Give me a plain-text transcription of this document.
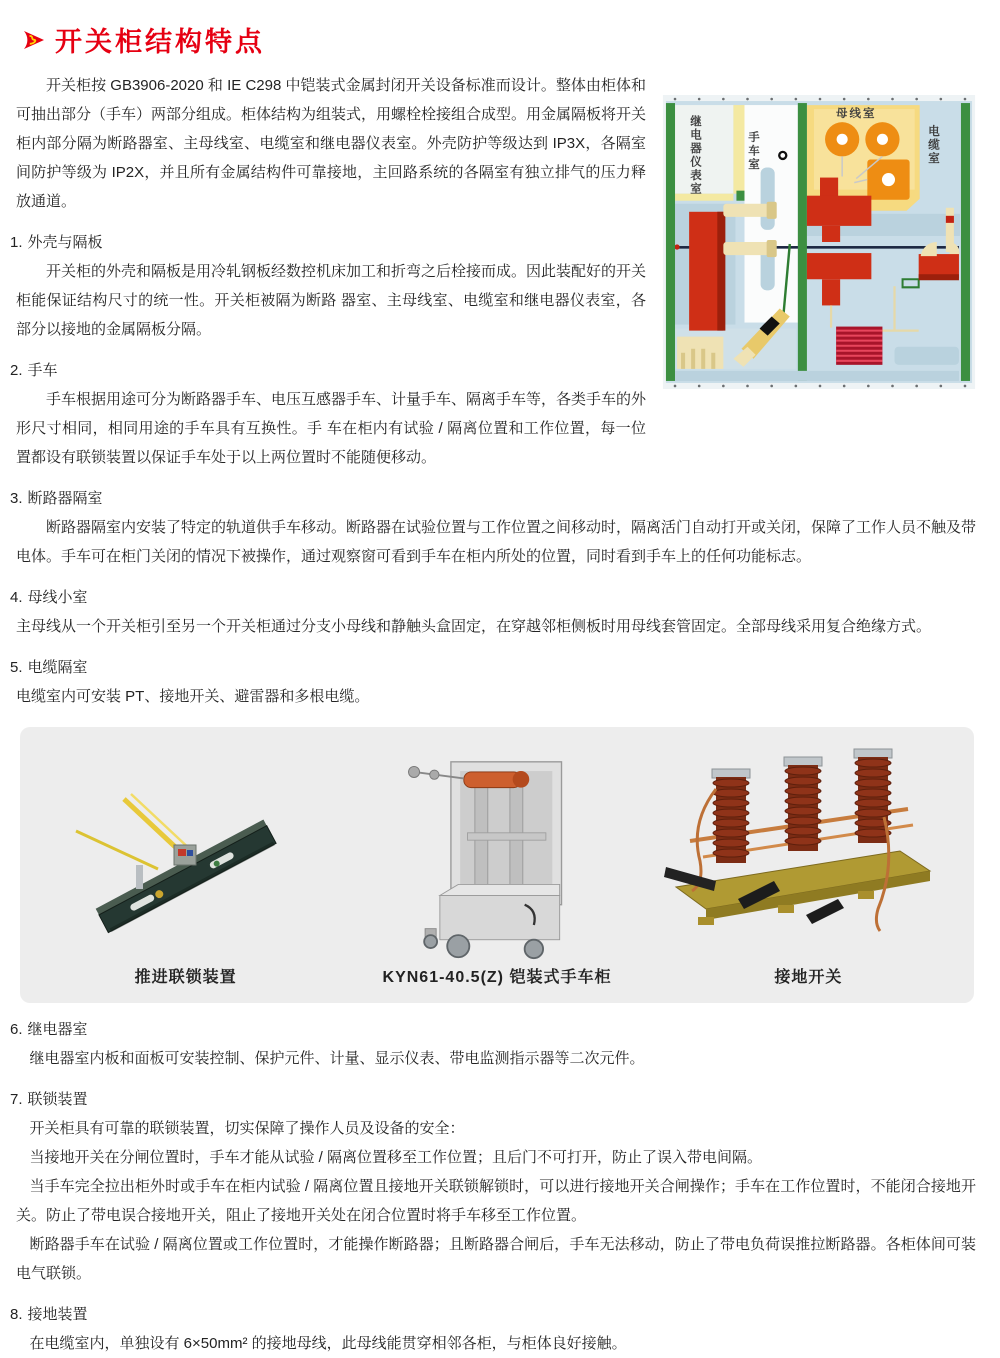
继电器仪表室	手车室
母线室
电缆室
开关柜结构特点

开关柜按 GB3906-2020 和 IE C298 中铠装式金属封闭开关设备标准而设计。整体由柜体和可抽出部分（手车）两部分组成。柜体结构为组装式，用螺栓栓接组合成型。用金属隔板将开关柜内部分隔为断路器室、主母线室、电缆室和继电器仪表室。外壳防护等级达到 IP3X，各隔室间防护等级为 IP2X，并且所有金属结构件可靠接地，主回路系统的各隔室有独立排气的压力释放通道。

1. 外壳与隔板

开关柜的外壳和隔板是用冷轧钢板经数控机床加工和折弯之后栓接而成。因此装配好的开关柜能保证结构尺寸的统一性。开关柜被隔为断路 器室、主母线室、电缆室和继电器仪表室，各部分以接地的金属隔板分隔。

2. 手车

手车根据用途可分为断路器手车、电压互感器手车、计量手车、隔离手车等，各类手车的外形尺寸相同，相同用途的手车具有互换性。手 车在柜内有试验 / 隔离位置和工作位置，每一位置都设有联锁装置以保证手车处于以上两位置时不能随便移动。

3. 断路器隔室

断路器隔室内安装了特定的轨道供手车移动。断路器在试验位置与工作位置之间移动时，隔离活门自动打开或关闭，保障了工作人员不触及带 电体。手车可在柜门关闭的情况下被操作，通过观察窗可看到手车在柜内所处的位置，同时看到手车上的任何功能标志。

4. 母线小室

主母线从一个开关柜引至另一个开关柜通过分支小母线和静触头盒固定，在穿越邻柜侧板时用母线套管固定。全部母线采用复合绝缘方式。

5. 电缆隔室

电缆室内可安装 PT、接地开关、避雷器和多根电缆。

推进联锁装置	KYN61-40.5(Z) 铠装式手车柜	接地开关
6. 继电器室

继电器室内板和面板可安装控制、保护元件、计量、显示仪表、带电监测指示器等二次元件。

7. 联锁装置

开关柜具有可靠的联锁装置，切实保障了操作人员及设备的安全：

当接地开关在分闸位置时，手车才能从试验 / 隔离位置移至工作位置；且后门不可打开，防止了误入带电间隔。

当手车完全拉出柜外时或手车在柜内试验 / 隔离位置且接地开关联锁解锁时，可以进行接地开关合闸操作；手车在工作位置时，不能闭合接地开关。防止了带电误合接地开关，阻止了接地开关处在闭合位置时将手车移至工作位置。

断路器手车在试验 / 隔离位置或工作位置时，才能操作断路器；且断路器合闸后，手车无法移动，防止了带电负荷误推拉断路器。各柜体间可装电气联锁。

8. 接地装置

在电缆室内，单独设有 6×50mm² 的接地母线，此母线能贯穿相邻各柜，与柜体良好接触。
